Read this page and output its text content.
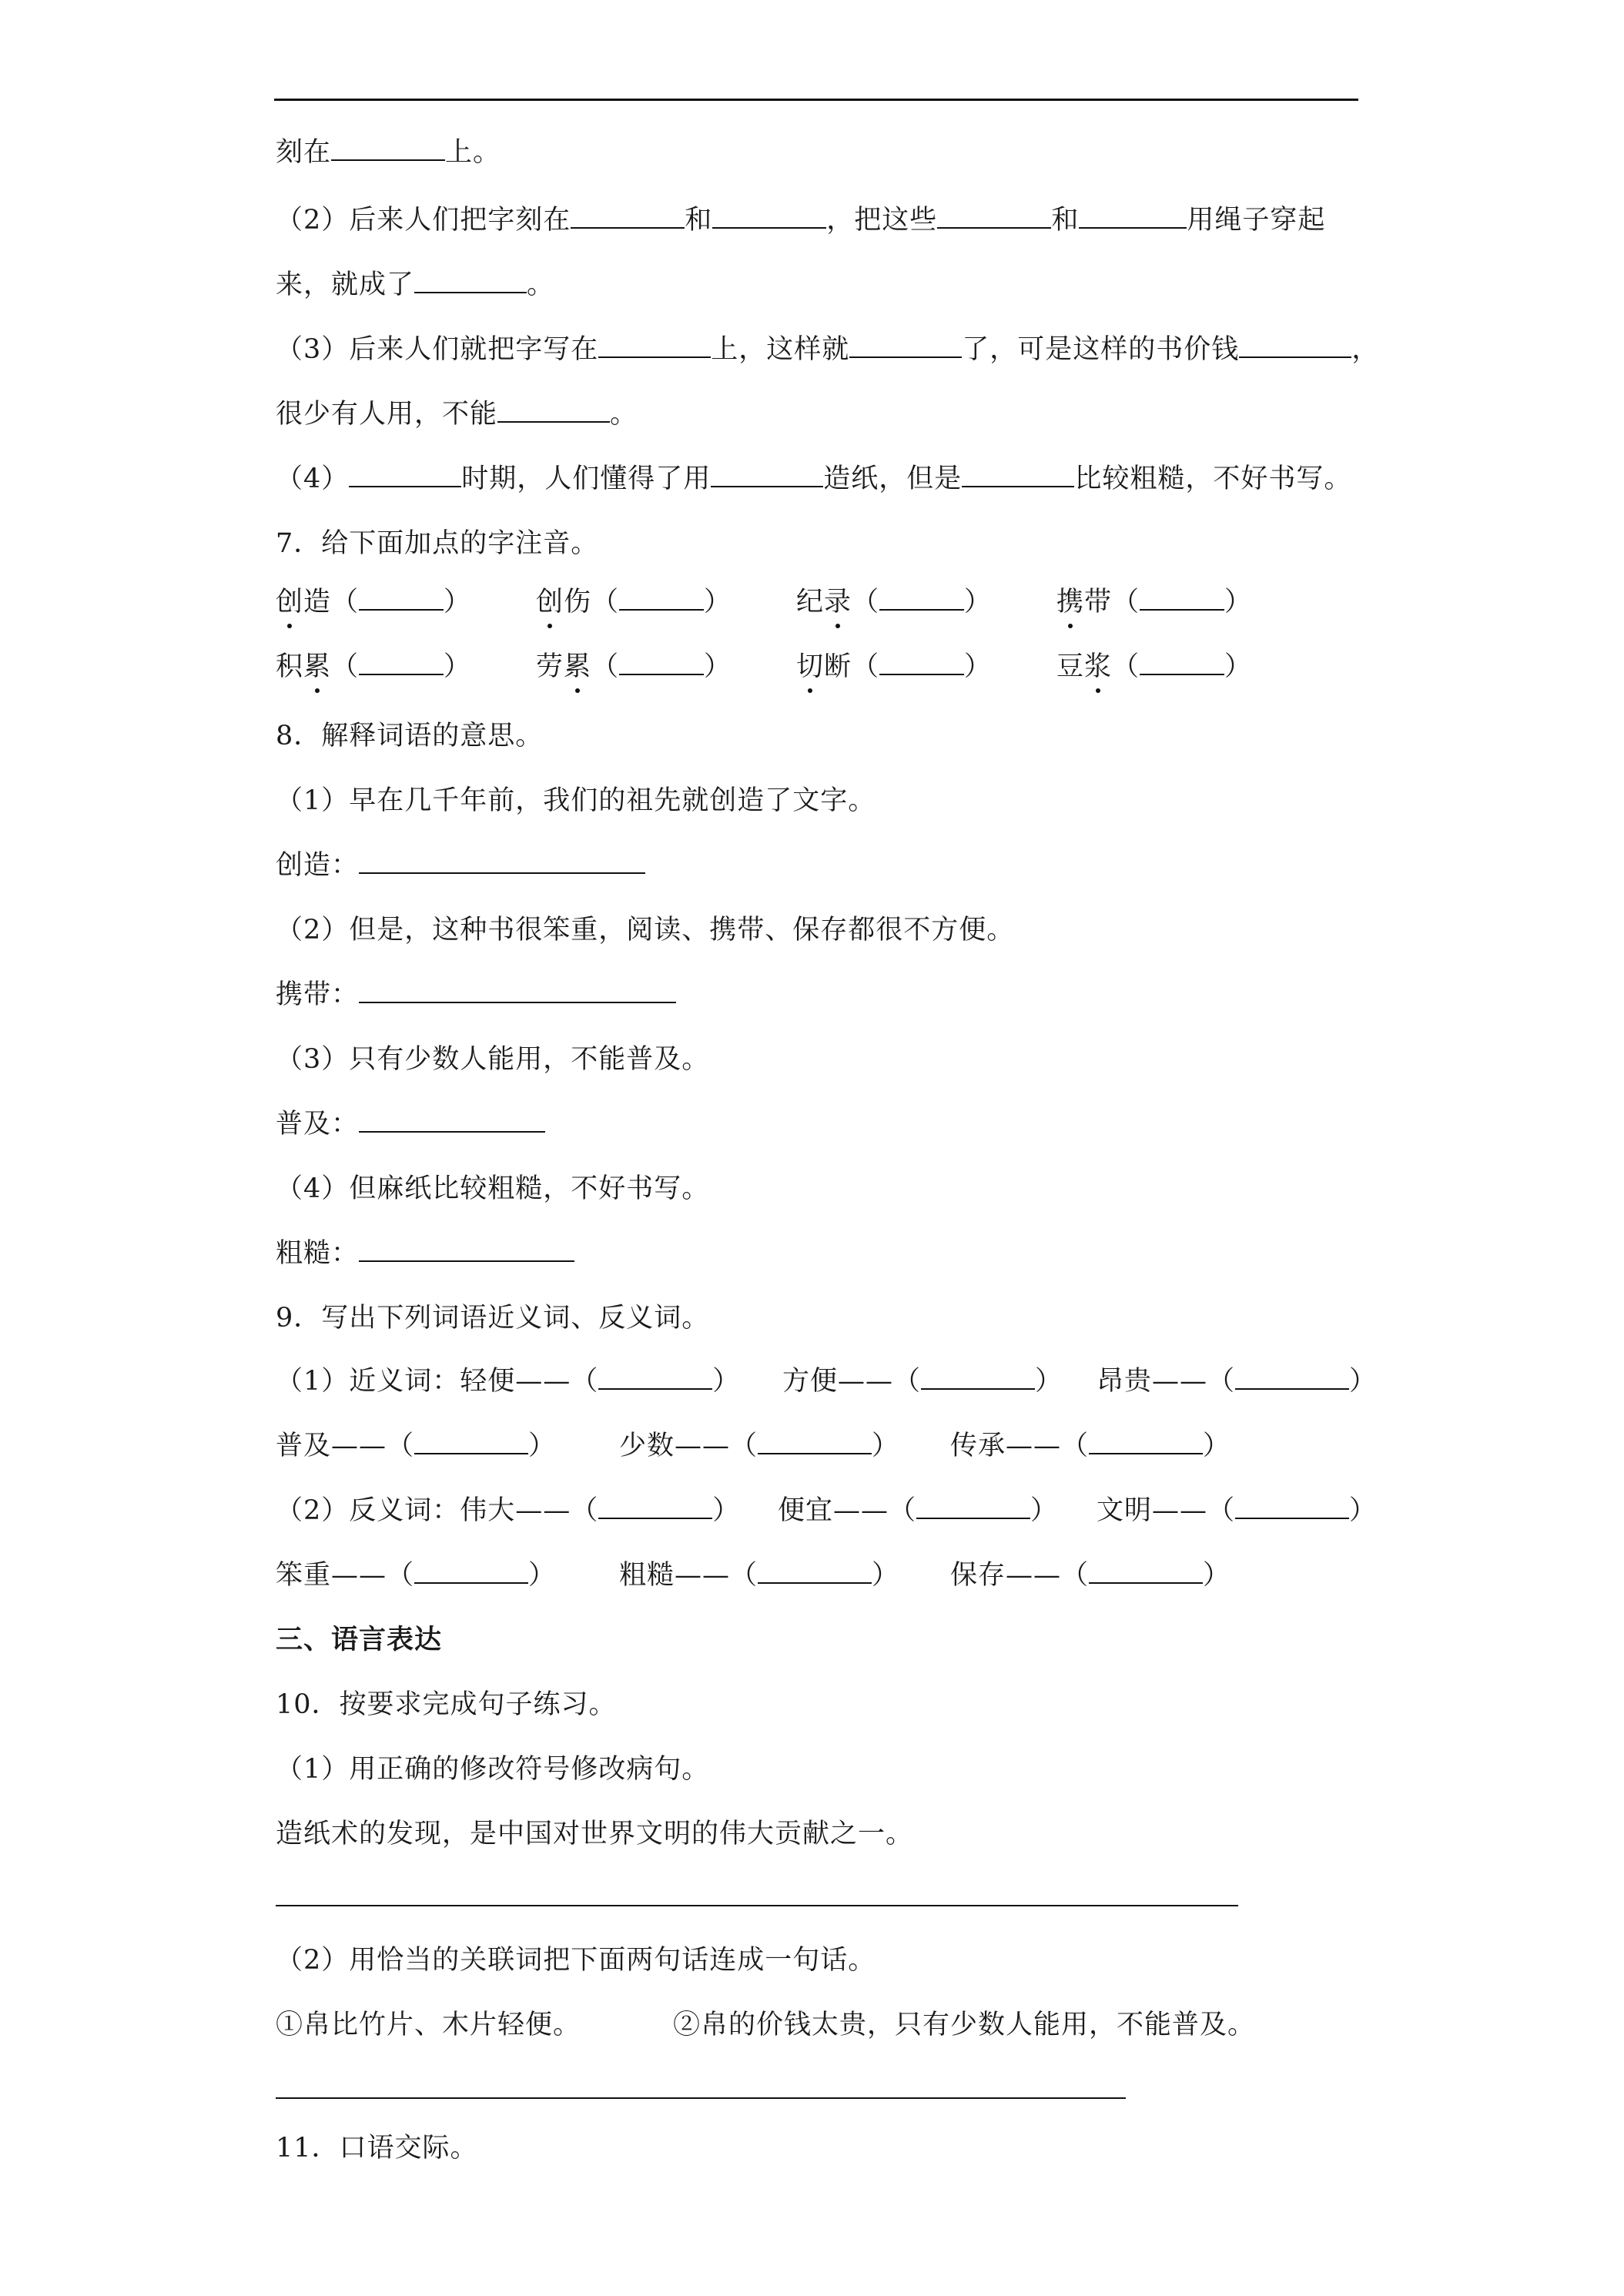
刻在	上。
（2）后来人们把字刻在	和	，把这些	和	用绳子穿起
来，就成了	。
（3）后来人们就把字写在	上，这样就	了，可是这样的书价钱	，
很少有人用，不能	。
（4）	时期，人们懂得了用	造纸，但是	比较粗糙，不好书写。
7．给下面加点的字注音。
创造（	） 创伤（	） 纪录（	） 携带（	）
积累（	） 劳累（	） 切断（	） 豆浆（	）
8．解释词语的意思。
（1）早在几千年前，我们的祖先就创造了文字。
创造：
（2）但是，这种书很笨重，阅读、携带、保存都很不方便。
携带：
（3）只有少数人能用，不能普及。
普及：
（4）但麻纸比较粗糙，不好书写。
粗糙：
9．写出下列词语近义词、反义词。
（1）近义词：轻便——（	） 方便——（	） 昂贵——（	）
普及——（	） 少数——（	） 传承——（	）
（2）反义词：伟大——（	） 便宜——（	） 文明——（	）
笨重——（	） 粗糙——（	） 保存——（	）
三、语言表达
10．按要求完成句子练习。
（1）用正确的修改符号修改病句。
造纸术的发现，是中国对世界文明的伟大贡献之一。
（2）用恰当的关联词把下面两句话连成一句话。
①帛比竹片、木片轻便。	②帛的价钱太贵，只有少数人能用，不能普及。
11．口语交际。
